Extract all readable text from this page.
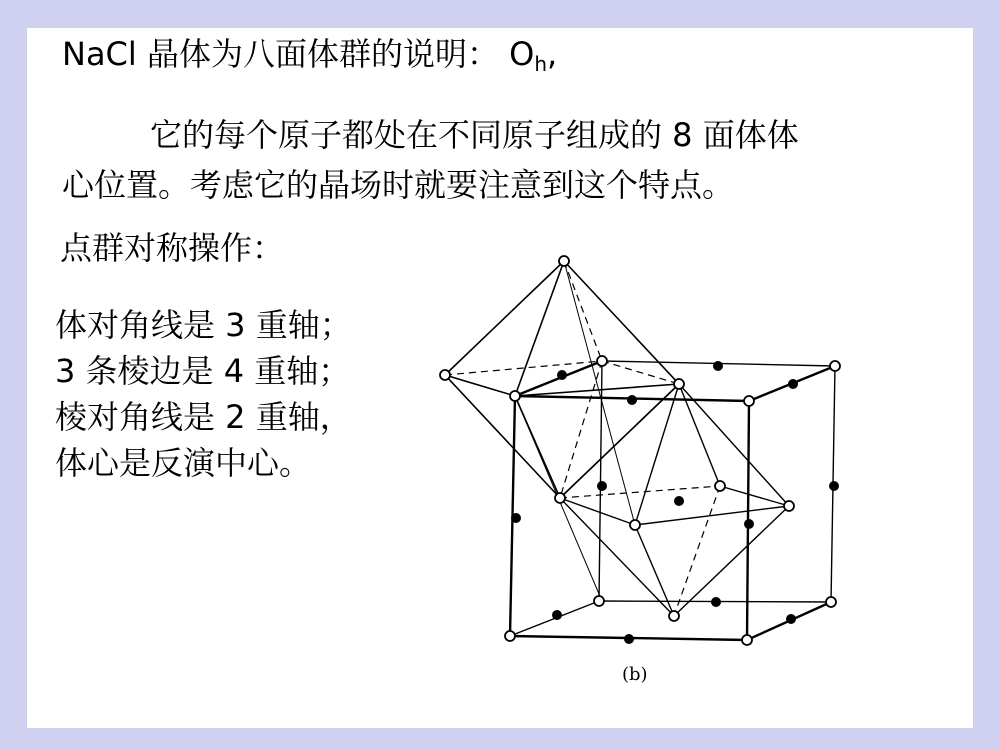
NaCl 晶体为八面体群的说明： $O_h$,
它的每个原子都处在不同原子组成的 8 面体体
心位置。考虑它的晶场时就要注意到这个特点。
点群对称操作：
体对角线是 3 重轴；
3 条棱边是 4 重轴；
棱对角线是 2 重轴，
体心是反演中心。
(b)
